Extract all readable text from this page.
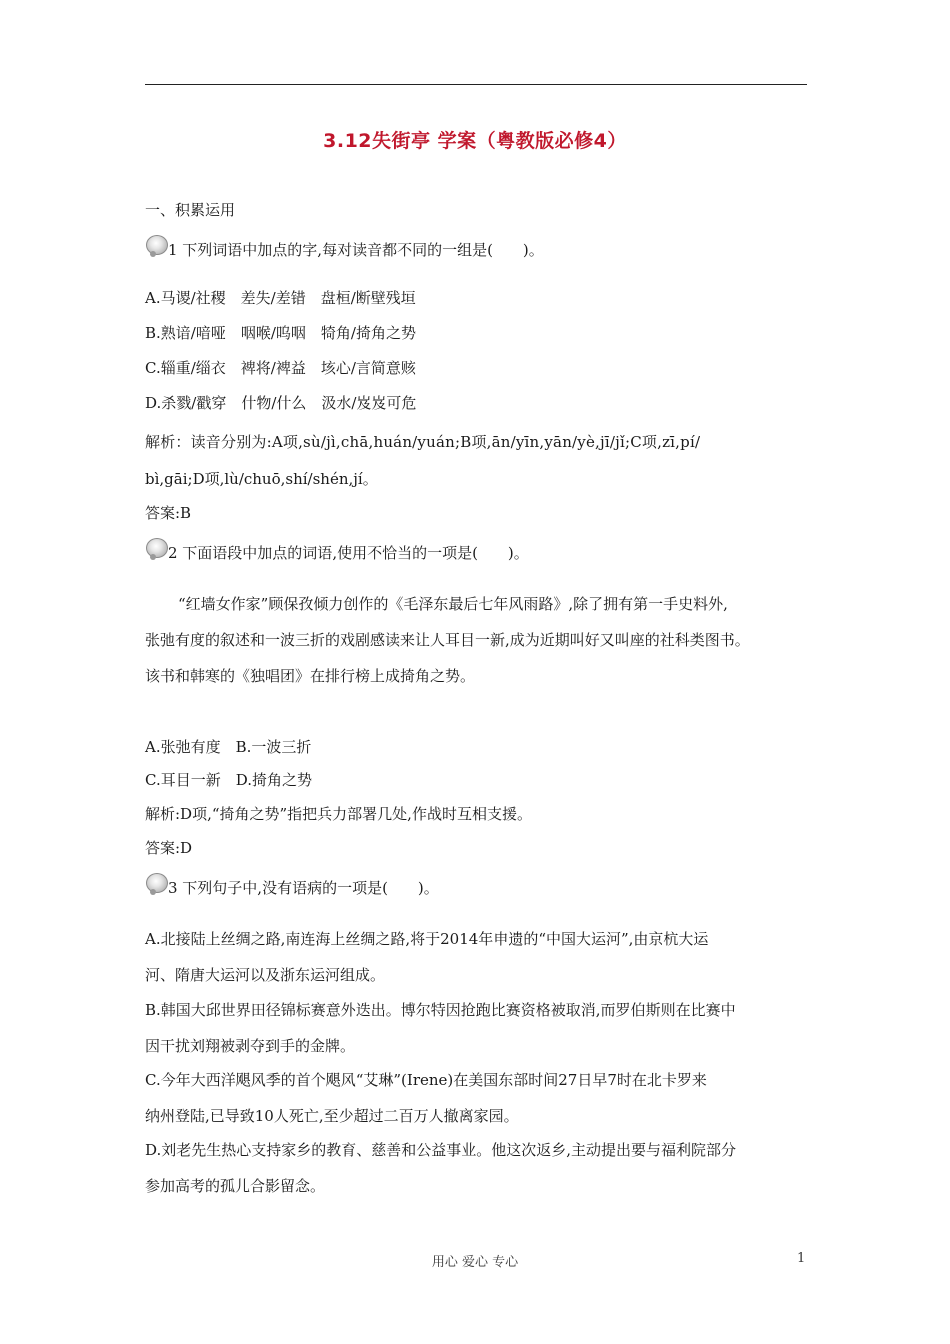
3.12失街亭 学案（粤教版必修4）
一、积累运用
1 下列词语中加点的字,每对读音都不同的一组是(　　)。
A.马谡/社稷　差失/差错　盘桓/断壁残垣
B.熟谙/喑哑　咽喉/呜咽　犄角/掎角之势
C.辎重/缁衣　裨将/裨益　垓心/言简意赅
D.杀戮/戳穿　什物/什么　汲水/岌岌可危
解析：读音分别为:A项,sù/jì,chā,huán/yuán;B项,ān/yīn,yān/yè,jī/jǐ;C项,zī,pí/
bì,gāi;D项,lù/chuō,shí/shén,jí。
答案:B
2 下面语段中加点的词语,使用不恰当的一项是(　　)。
“红墙女作家”顾保孜倾力创作的《毛泽东最后七年风雨路》,除了拥有第一手史料外,
张弛有度的叙述和一波三折的戏剧感读来让人耳目一新,成为近期叫好又叫座的社科类图书。
该书和韩寒的《独唱团》在排行榜上成掎角之势。
A.张弛有度　B.一波三折
C.耳目一新　D.掎角之势
解析:D项,“掎角之势”指把兵力部署几处,作战时互相支援。
答案:D
3 下列句子中,没有语病的一项是(　　)。
A.北接陆上丝绸之路,南连海上丝绸之路,将于2014年申遗的“中国大运河”,由京杭大运
河、隋唐大运河以及浙东运河组成。
B.韩国大邱世界田径锦标赛意外迭出。博尔特因抢跑比赛资格被取消,而罗伯斯则在比赛中
因干扰刘翔被剥夺到手的金牌。
C.今年大西洋飓风季的首个飓风“艾琳”(Irene)在美国东部时间27日早7时在北卡罗来
纳州登陆,已导致10人死亡,至少超过二百万人撤离家园。
D.刘老先生热心支持家乡的教育、慈善和公益事业。他这次返乡,主动提出要与福利院部分
参加高考的孤儿合影留念。
用心 爱心 专心	1
